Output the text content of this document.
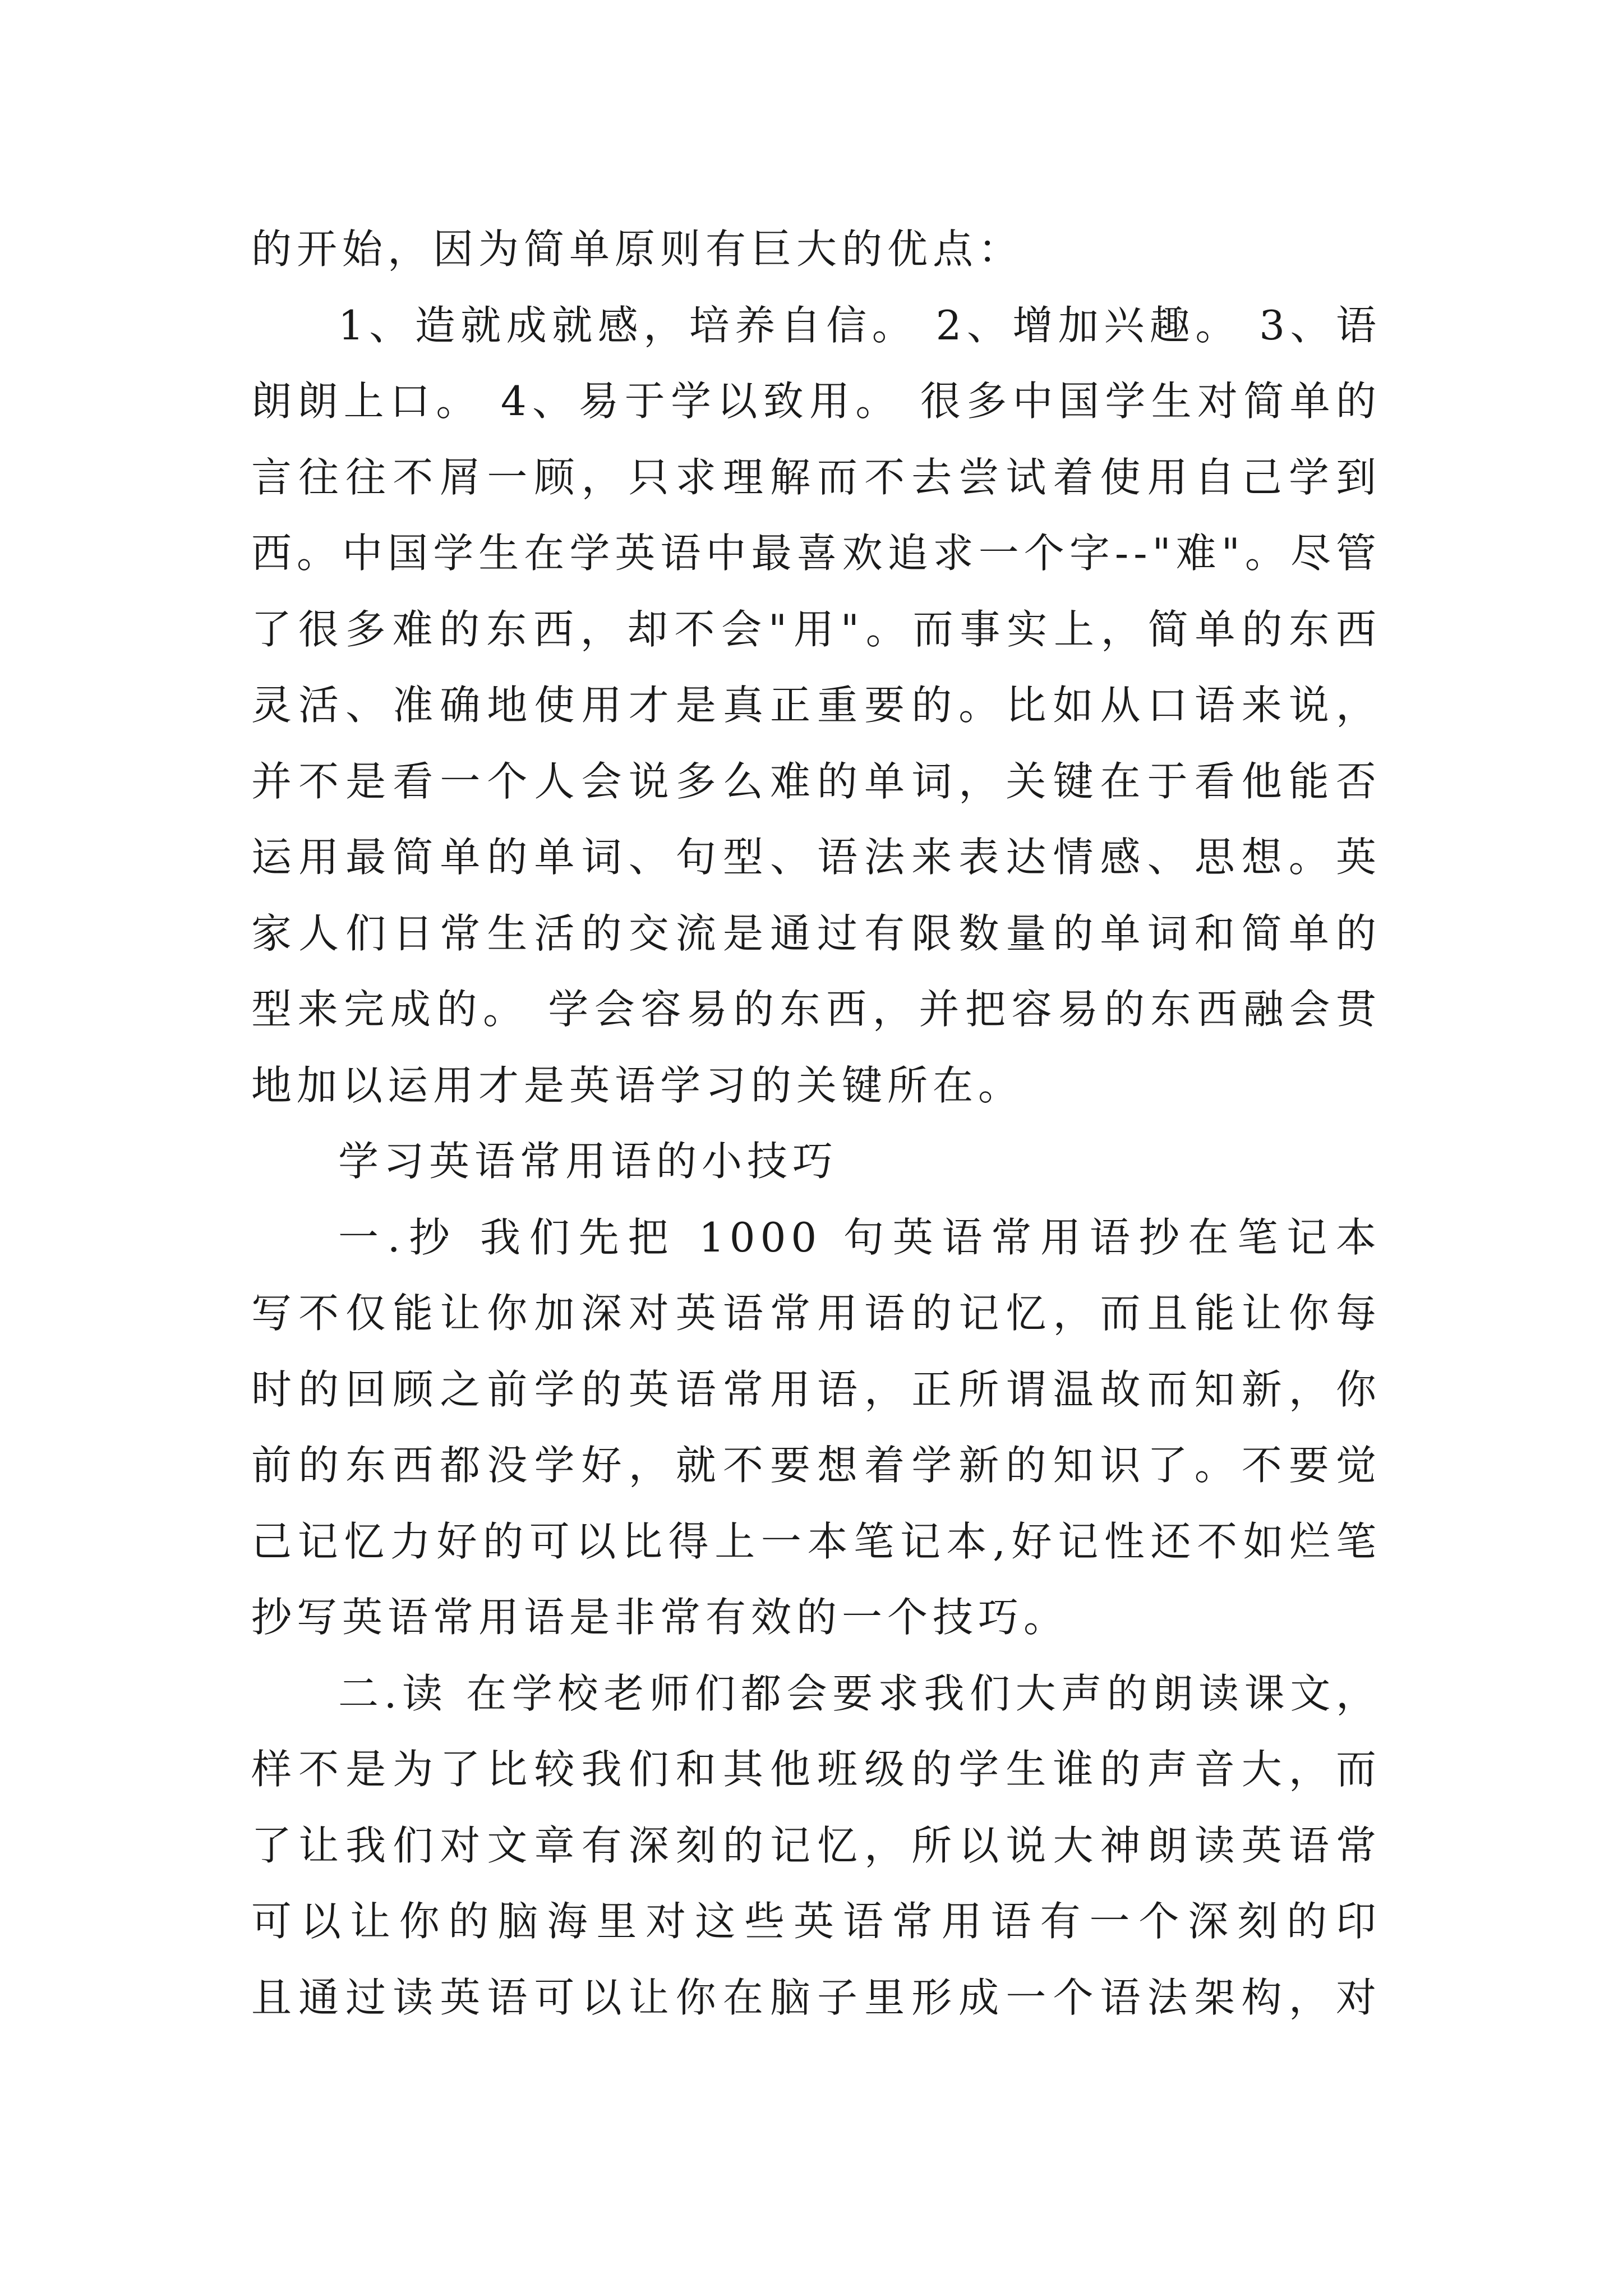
的开始，因为简单原则有巨大的优点：
1、造就成就感，培养自信。 2、增加兴趣。 3、语
朗朗上口。 4、易于学以致用。 很多中国学生对简单的
言往往不屑一顾，只求理解而不去尝试着使用自己学到
西。中国学生在学英语中最喜欢追求一个字--"难"。尽管
了很多难的东西，却不会"用"。而事实上，简单的东西
灵活、准确地使用才是真正重要的。比如从口语来说，
并不是看一个人会说多么难的单词，关键在于看他能否
运用最简单的单词、句型、语法来表达情感、思想。英
家人们日常生活的交流是通过有限数量的单词和简单的
型来完成的。 学会容易的东西，并把容易的东西融会贯
地加以运用才是英语学习的关键所在。
学习英语常用语的小技巧
一.抄 我们先把 1000 句英语常用语抄在笔记本
写不仅能让你加深对英语常用语的记忆，而且能让你每
时的回顾之前学的英语常用语，正所谓温故而知新，你
前的东西都没学好，就不要想着学新的知识了。不要觉
己记忆力好的可以比得上一本笔记本,好记性还不如烂笔
抄写英语常用语是非常有效的一个技巧。
二.读 在学校老师们都会要求我们大声的朗读课文，
样不是为了比较我们和其他班级的学生谁的声音大，而
了让我们对文章有深刻的记忆，所以说大神朗读英语常
可以让你的脑海里对这些英语常用语有一个深刻的印
且通过读英语可以让你在脑子里形成一个语法架构，对
